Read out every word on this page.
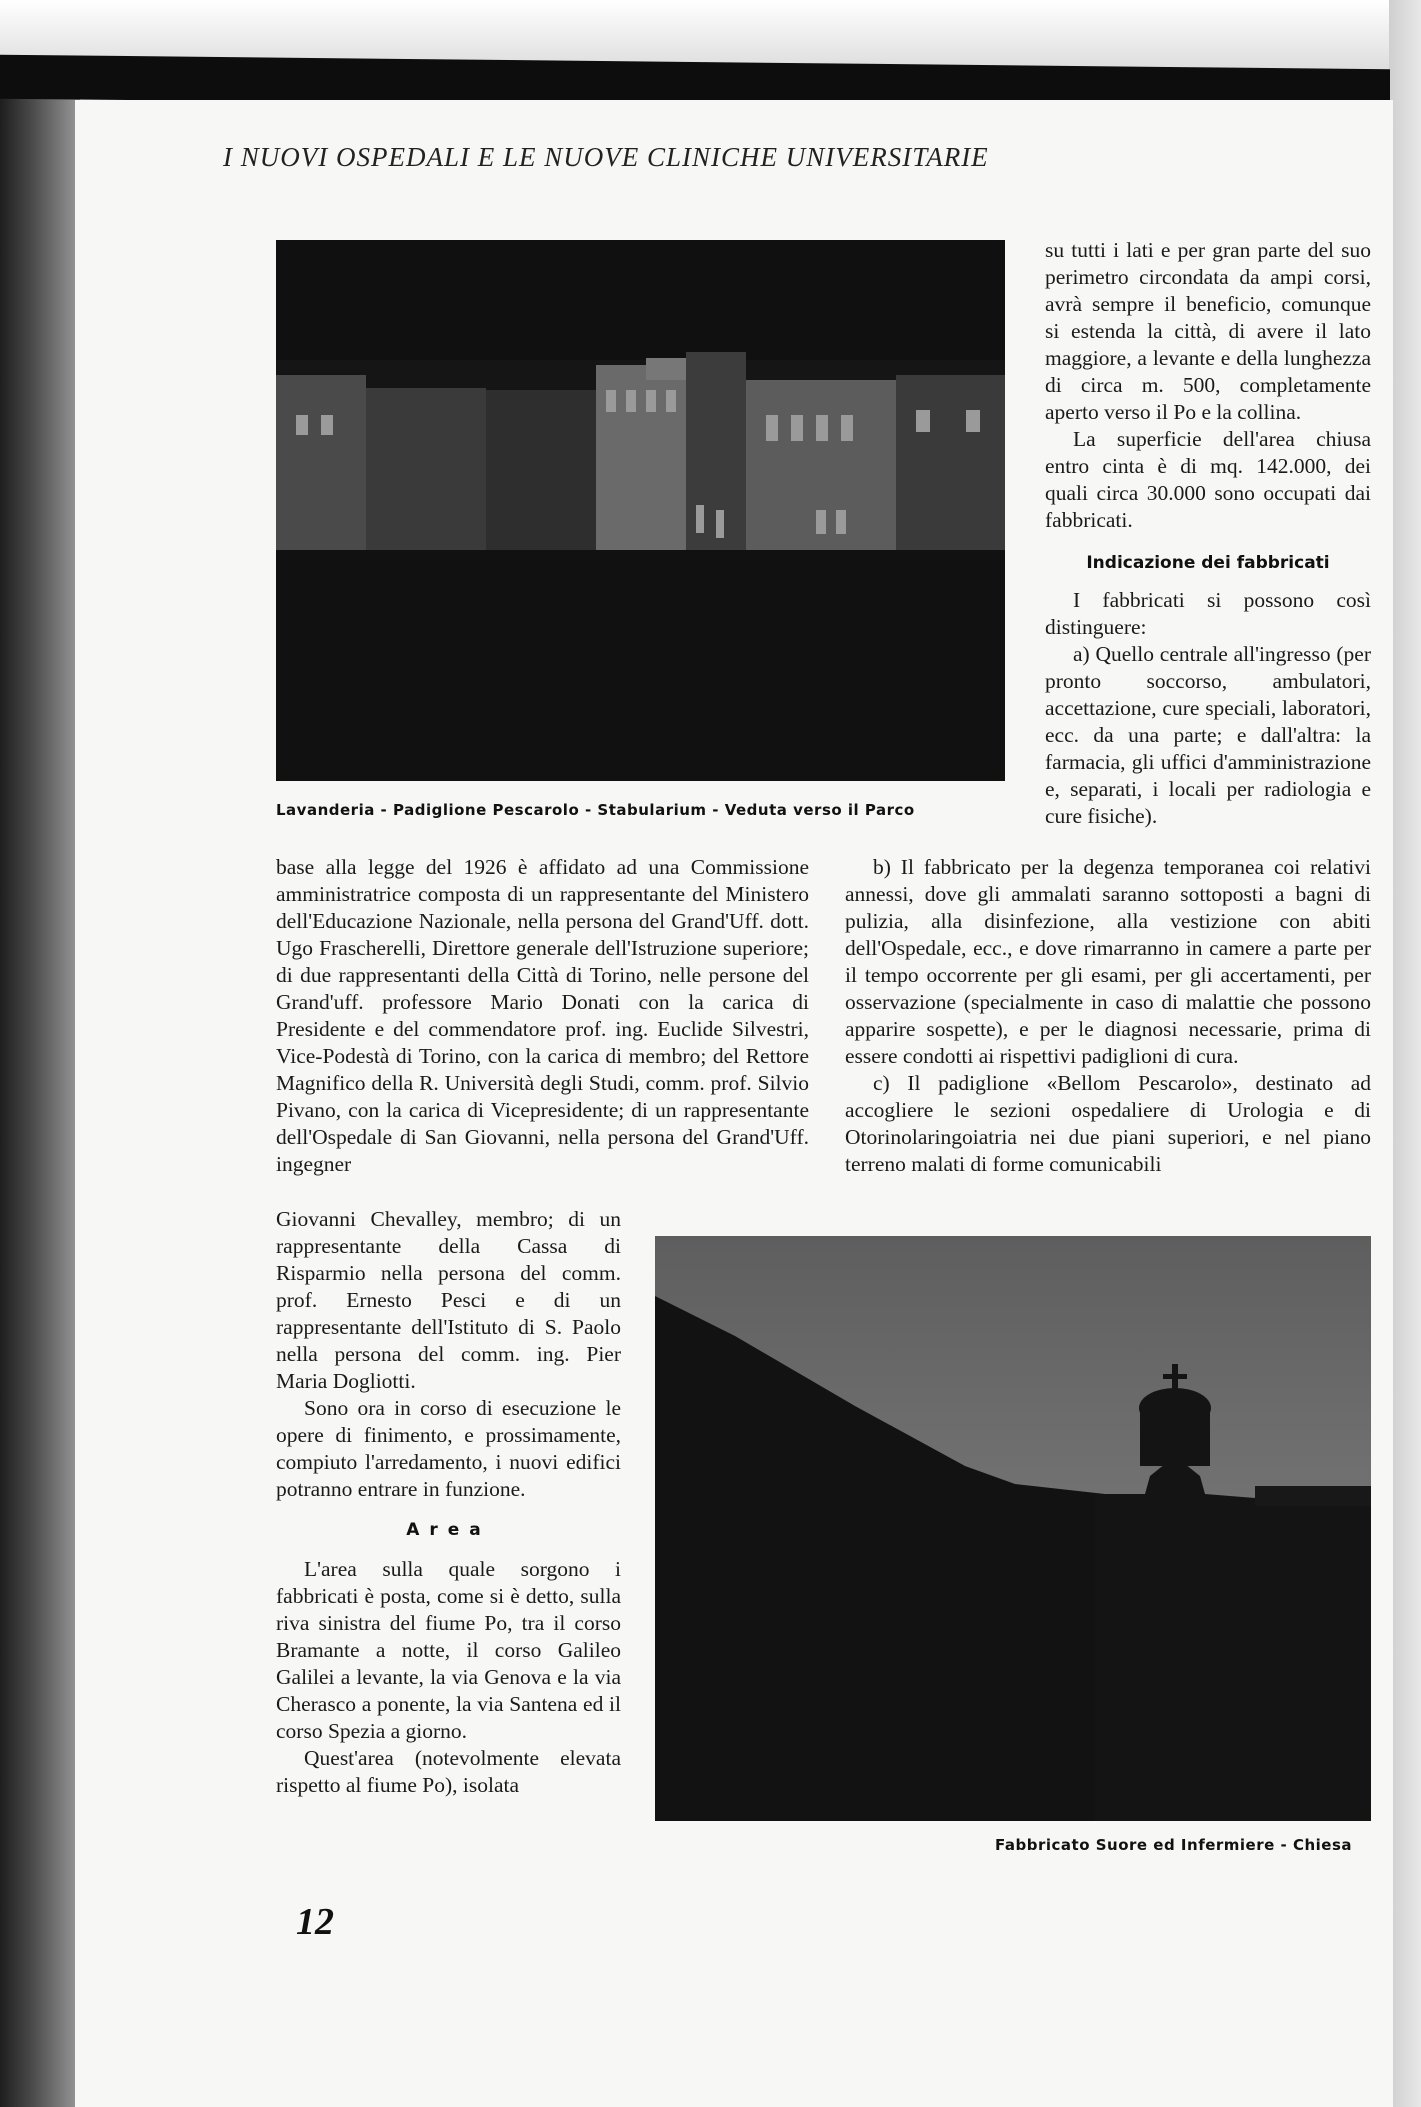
I NUOVI OSPEDALI E LE NUOVE CLINICHE UNIVERSITARIE
Lavanderia - Padiglione Pescarolo - Stabularium - Veduta verso il Parco

su tutti i lati e per gran parte del suo perimetro circondata da ampi corsi, avrà sempre il beneficio, comunque si estenda la città, di avere il lato maggiore, a levante e della lunghezza di circa m. 500, completamente aperto verso il Po e la collina.

La superficie dell'area chiusa entro cinta è di mq. 142.000, dei quali circa 30.000 sono occupati dai fabbricati.

Indicazione dei fabbricati

I fabbricati si possono così distinguere:

a) Quello centrale all'ingresso (per pronto soccorso, ambulatori, accettazione, cure speciali, laboratori, ecc. da una parte; e dall'altra: la farmacia, gli uffici d'amministrazione e, separati, i locali per radiologia e cure fisiche).

b) Il fabbricato per la degenza temporanea coi relativi annessi, dove gli ammalati saranno sottoposti a bagni di pulizia, alla disinfezione, alla vestizione con abiti dell'Ospedale, ecc., e dove rimarranno in camere a parte per il tempo occorrente per gli esami, per gli accertamenti, per osservazione (specialmente in caso di malattie che possono apparire sospette), e per le diagnosi necessarie, prima di essere condotti ai rispettivi padiglioni di cura.

c) Il padiglione «Bellom Pescarolo», destinato ad accogliere le sezioni ospedaliere di Urologia e di Otorinolaringoiatria nei due piani superiori, e nel piano terreno malati di forme comunicabili

base alla legge del 1926 è affidato ad una Commissione amministratrice composta di un rappresentante del Ministero dell'Educazione Nazionale, nella persona del Grand'Uff. dott. Ugo Frascherelli, Direttore generale dell'Istruzione superiore; di due rappresentanti della Città di Torino, nelle persone del Grand'uff. professore Mario Donati con la carica di Presidente e del commendatore prof. ing. Euclide Silvestri, Vice-Podestà di Torino, con la carica di membro; del Rettore Magnifico della R. Università degli Studi, comm. prof. Silvio Pivano, con la carica di Vicepresidente; di un rappresentante dell'Ospedale di San Giovanni, nella persona del Grand'Uff. ingegner

Giovanni Chevalley, membro; di un rappresentante della Cassa di Risparmio nella persona del comm. prof. Ernesto Pesci e di un rappresentante dell'Istituto di S. Paolo nella persona del comm. ing. Pier Maria Dogliotti.

Sono ora in corso di esecuzione le opere di finimento, e prossimamente, compiuto l'arredamento, i nuovi edifici potranno entrare in funzione.

Area

L'area sulla quale sorgono i fabbricati è posta, come si è detto, sulla riva sinistra del fiume Po, tra il corso Bramante a notte, il corso Galileo Galilei a levante, la via Genova e la via Cherasco a ponente, la via Santena ed il corso Spezia a giorno.

Quest'area (notevolmente elevata rispetto al fiume Po), isolata

Fabbricato Suore ed Infermiere - Chiesa
12
